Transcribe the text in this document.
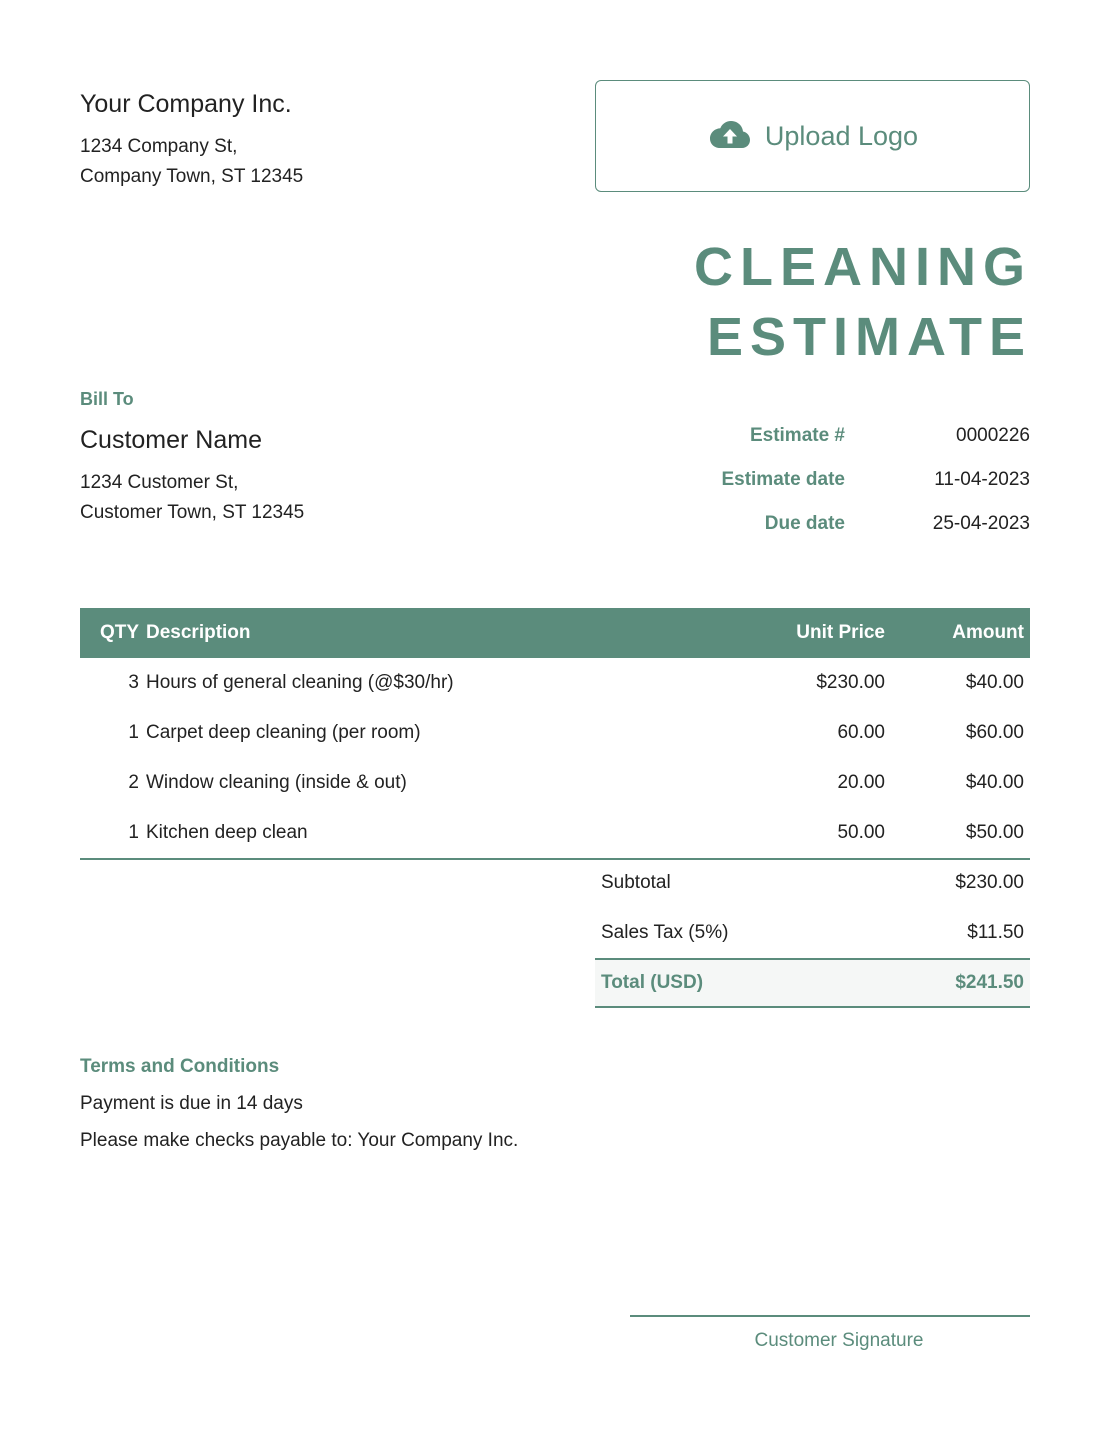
Your Company Inc.
1234 Company St,
Company Town, ST 12345
Upload Logo
CLEANING
ESTIMATE
Bill To
Customer Name
1234 Customer St,
Customer Town, ST 12345
Estimate #	0000226
Estimate date	11-04-2023
Due date	25-04-2023
QTY Description	Unit Price	Amount
3 Hours of general cleaning (@$30/hr)	$230.00	$40.00
1 Carpet deep cleaning (per room)	60.00	$60.00
2 Window cleaning (inside & out)	20.00	$40.00
1 Kitchen deep clean	50.00	$50.00
Subtotal	$230.00
Sales Tax (5%)	$11.50
Total (USD)	$241.50
Terms and Conditions
Payment is due in 14 days
Please make checks payable to: Your Company Inc.
Customer Signature
